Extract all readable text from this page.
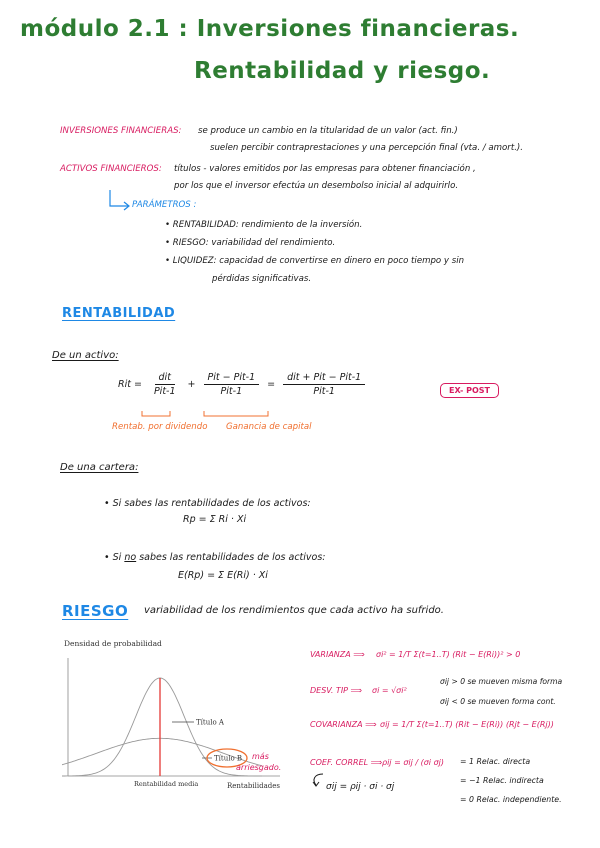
módulo 2.1 : Inversiones financieras.
Rentabilidad y riesgo.
INVERSIONES FINANCIERAS: se produce un cambio en la titularidad de un valor (act. fin.)
suelen percibir contraprestaciones y una percepción final (vta. / amort.).
ACTIVOS FINANCIEROS: títulos - valores emitidos por las empresas para obtener financiación ,
por los que el inversor efectúa un desembolso inicial al adquirirlo.
PARÁMETROS :
• RENTABILIDAD: rendimiento de la inversión.
• RIESGO: variabilidad del rendimiento.
• LIQUIDEZ: capacidad de convertirse en dinero en poco tiempo y sin
pérdidas significativas.
RENTABILIDAD
De un activo:
Rit = $\frac{\text{dit}}{\text{Pit-1}} + \frac{\text{Pit − Pit-1}}{\text{Pit-1}} = \frac{\text{dit + Pit − Pit-1}}{\text{Pit-1}}$	EX- POST
Rentab. por dividendo Ganancia de capital
De una cartera:
• Si sabes las rentabilidades de los activos:
Rp = Σ Ri · Xi
• Si no sabes las rentabilidades de los activos:
E(Rp) = Σ E(Ri) · Xi
RIESGO variabilidad de los rendimientos que cada activo ha sufrido.
Densidad de probabilidad
Título A
Título B
Rentabilidad media	Rentabilidades
más
arriesgado.
VARIANZA ⟹ σi² = 1/T Σ(t=1..T) (Rit − E(Ri))² > 0
DESV. TIP ⟹ σi = √σi²
σij > 0 se mueven misma forma
σij < 0 se mueven forma cont.
COVARIANZA ⟹ σij = 1/T Σ(t=1..T) (Rit − E(Ri)) (Rjt − E(Rj))
COEF. CORREL ⟹ ρij = σij / (σi σj) = 1 Relac. directa
= −1 Relac. indirecta
= 0 Relac. independiente.
σij = ρij · σi · σj
